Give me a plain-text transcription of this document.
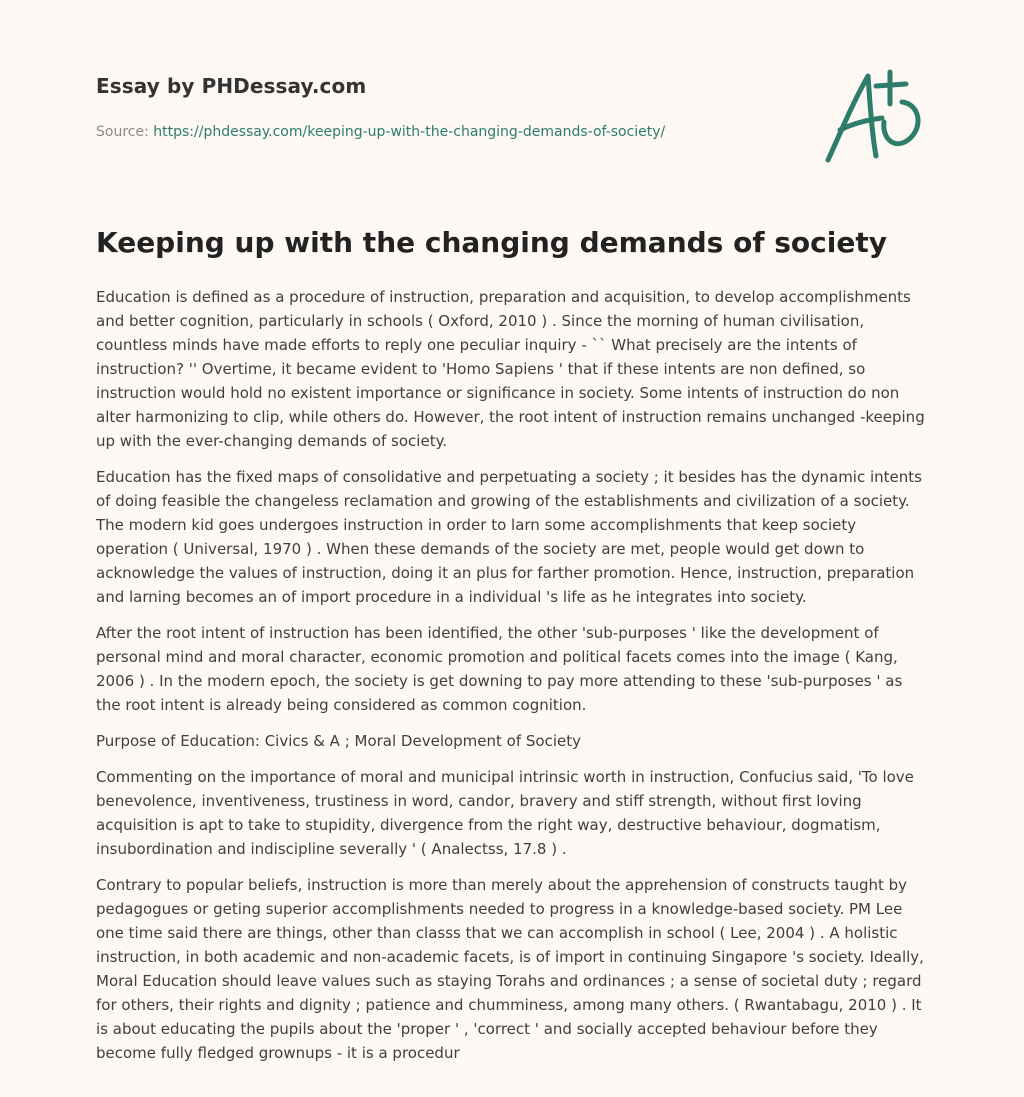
Essay by PHDessay.com
Source: https://phdessay.com/keeping-up-with-the-changing-demands-of-society/
Keeping up with the changing demands of society

Education is defined as a procedure of instruction, preparation and acquisition, to develop accomplishments and better cognition, particularly in schools ( Oxford, 2010 ) . Since the morning of human civilisation, countless minds have made efforts to reply one peculiar inquiry - `` What precisely are the intents of instruction? '' Overtime, it became evident to 'Homo Sapiens ' that if these intents are non defined, so instruction would hold no existent importance or significance in society. Some intents of instruction do non alter harmonizing to clip, while others do. However, the root intent of instruction remains unchanged -keeping up with the ever-changing demands of society.

Education has the fixed maps of consolidative and perpetuating a society ; it besides has the dynamic intents of doing feasible the changeless reclamation and growing of the establishments and civilization of a society. The modern kid goes undergoes instruction in order to larn some accomplishments that keep society operation ( Universal, 1970 ) . When these demands of the society are met, people would get down to acknowledge the values of instruction, doing it an plus for farther promotion. Hence, instruction, preparation and larning becomes an of import procedure in a individual 's life as he integrates into society.

After the root intent of instruction has been identified, the other 'sub-purposes ' like the development of personal mind and moral character, economic promotion and political facets comes into the image ( Kang, 2006 ) . In the modern epoch, the society is get downing to pay more attending to these 'sub-purposes ' as the root intent is already being considered as common cognition.

Purpose of Education: Civics & A ; Moral Development of Society

Commenting on the importance of moral and municipal intrinsic worth in instruction, Confucius said, 'To love benevolence, inventiveness, trustiness in word, candor, bravery and stiff strength, without first loving acquisition is apt to take to stupidity, divergence from the right way, destructive behaviour, dogmatism, insubordination and indiscipline severally ' ( Analectss, 17.8 ) .

Contrary to popular beliefs, instruction is more than merely about the apprehension of constructs taught by pedagogues or geting superior accomplishments needed to progress in a knowledge-based society. PM Lee one time said there are things, other than classs that we can accomplish in school ( Lee, 2004 ) . A holistic instruction, in both academic and non-academic facets, is of import in continuing Singapore 's society. Ideally, Moral Education should leave values such as staying Torahs and ordinances ; a sense of societal duty ; regard for others, their rights and dignity ; patience and chumminess, among many others. ( Rwantabagu, 2010 ) . It is about educating the pupils about the 'proper ' , 'correct ' and socially accepted behaviour before they become fully fledged grownups - it is a procedur
